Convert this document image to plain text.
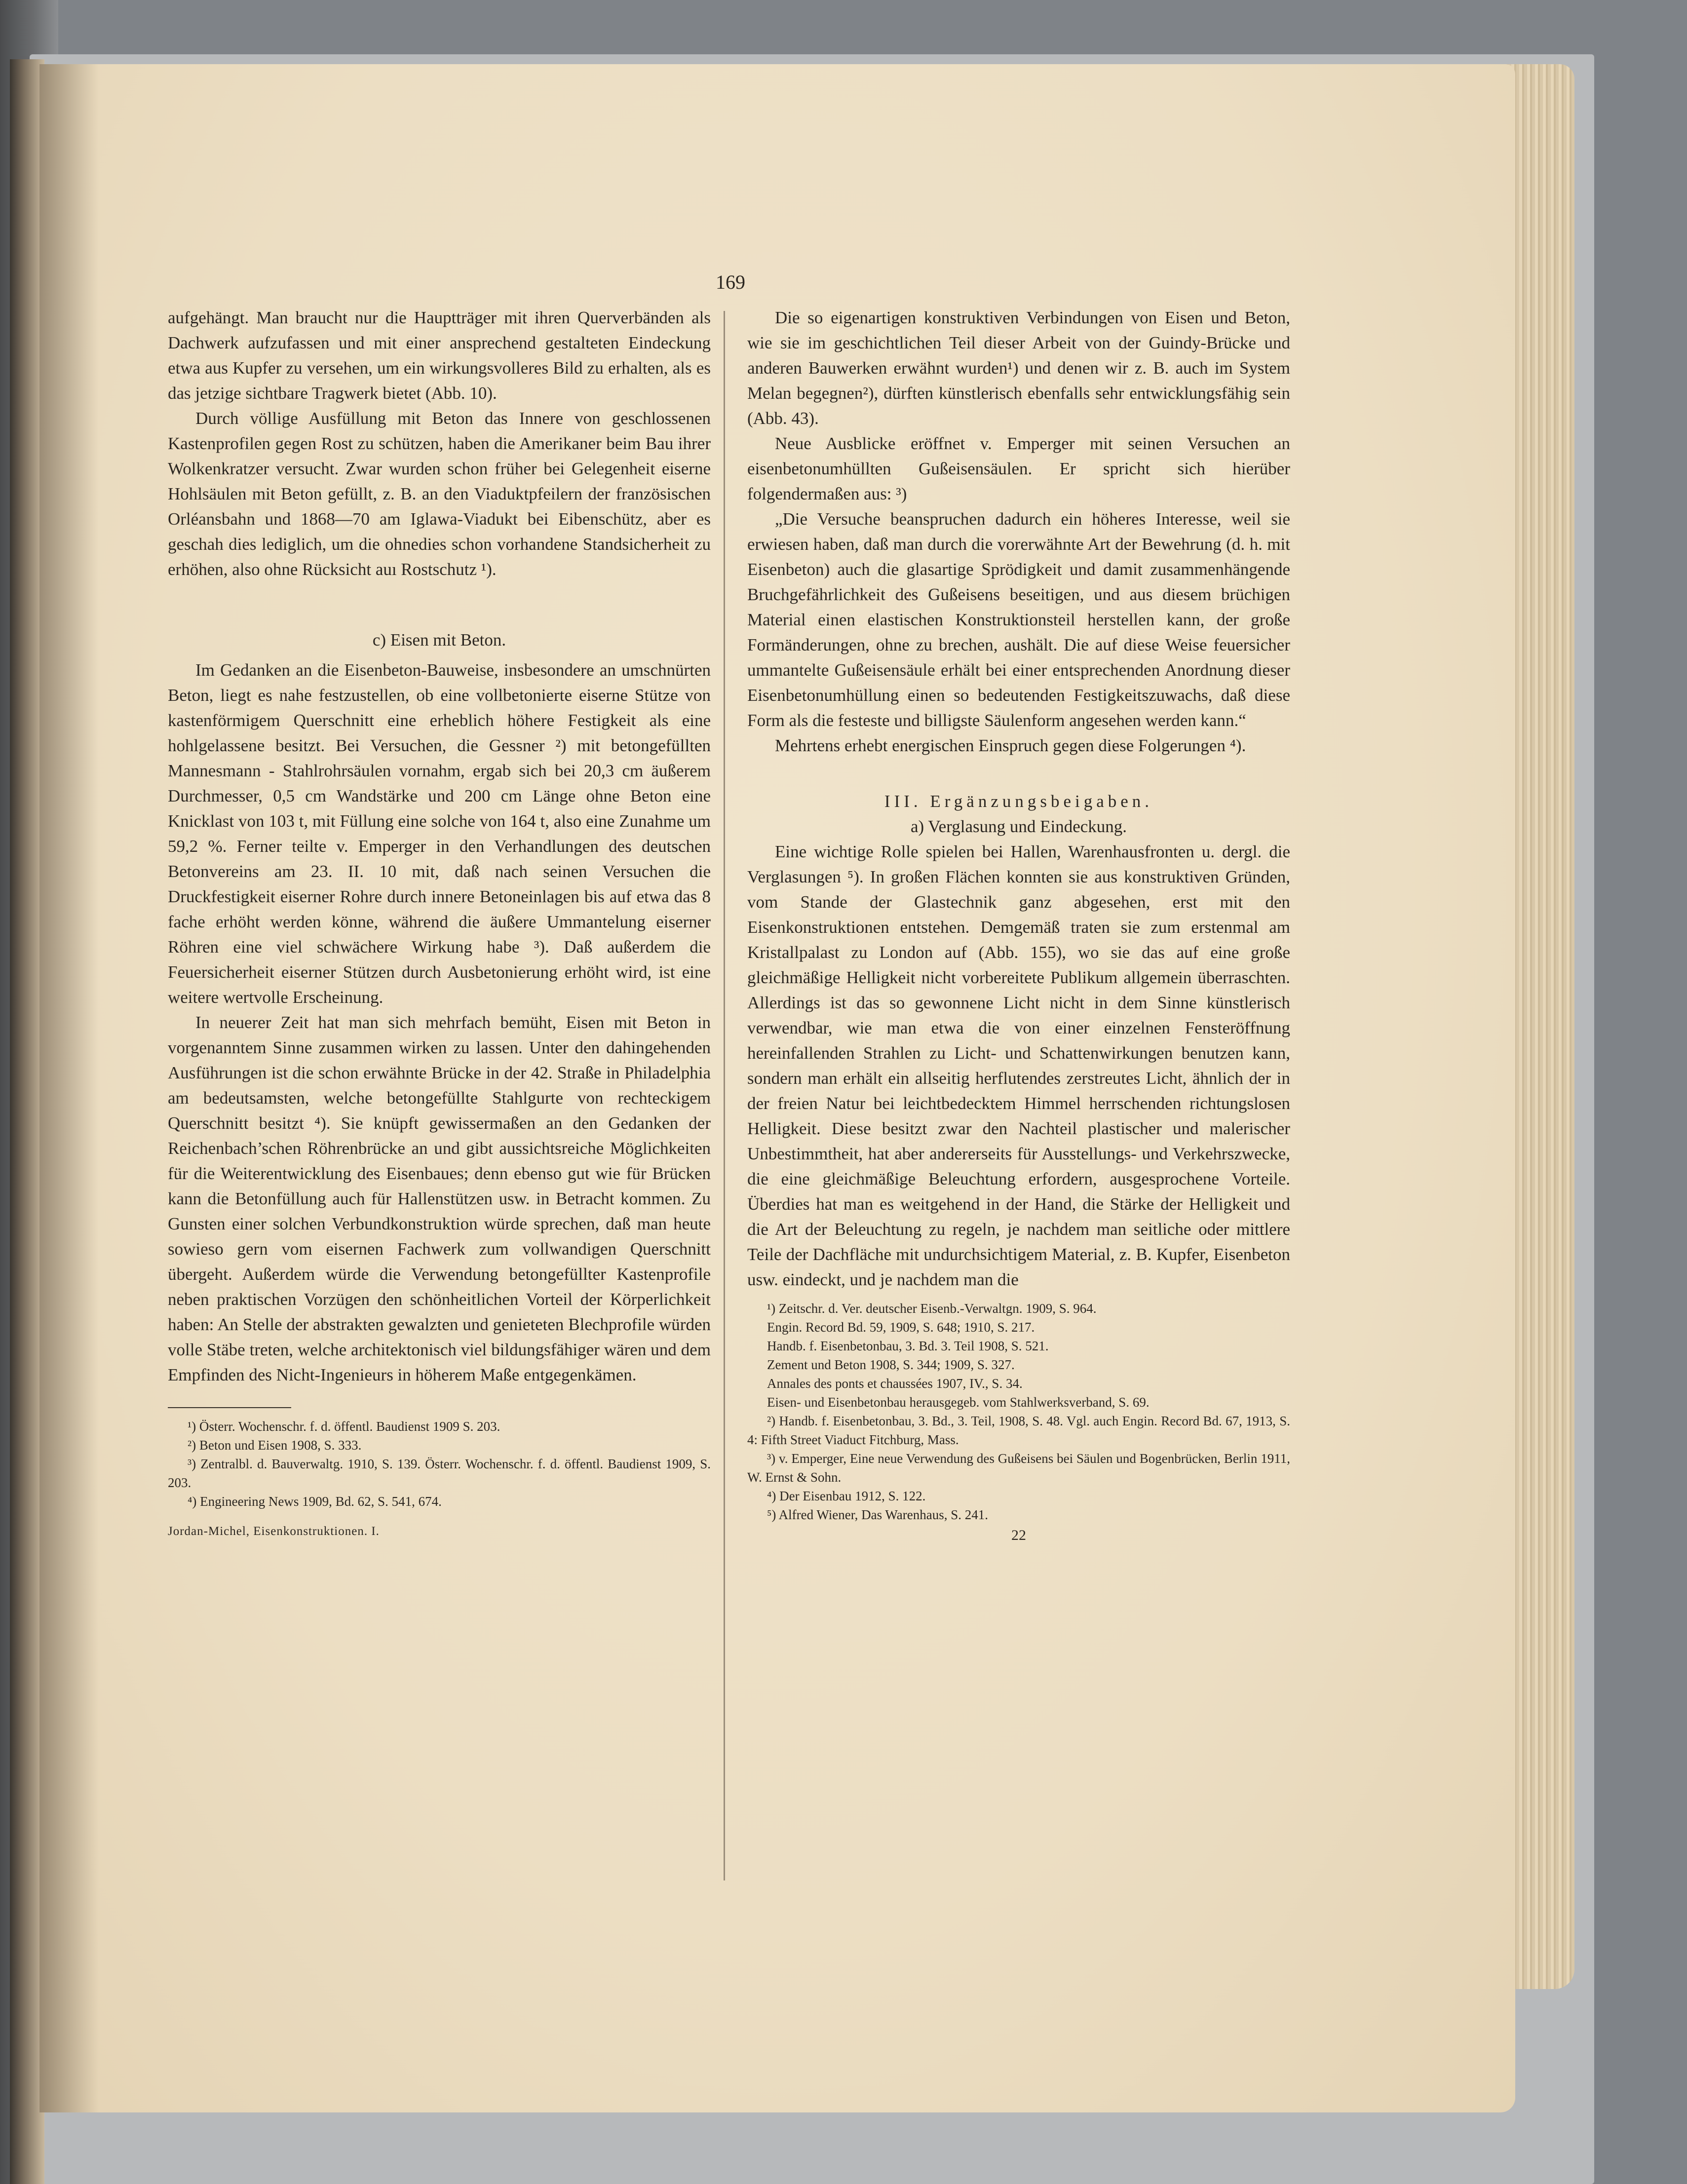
169

aufgehängt. Man braucht nur die Hauptträger mit ihren Querverbänden als Dachwerk aufzufassen und mit einer ansprechend gestalteten Eindeckung etwa aus Kupfer zu versehen, um ein wirkungsvolleres Bild zu erhalten, als es das jetzige sichtbare Tragwerk bietet (Abb. 10).

Durch völlige Ausfüllung mit Beton das Innere von geschlossenen Kastenprofilen gegen Rost zu schützen, haben die Amerikaner beim Bau ihrer Wolkenkratzer versucht. Zwar wurden schon früher bei Gelegenheit eiserne Hohlsäulen mit Beton gefüllt, z. B. an den Viaduktpfeilern der französischen Orléansbahn und 1868—70 am Iglawa-Viadukt bei Eibenschütz, aber es geschah dies lediglich, um die ohnedies schon vorhandene Standsicherheit zu erhöhen, also ohne Rücksicht auı Rostschutz ¹).

c) Eisen mit Beton.

Im Gedanken an die Eisenbeton-Bauweise, insbesondere an umschnürten Beton, liegt es nahe festzustellen, ob eine vollbetonierte eiserne Stütze von kastenförmigem Querschnitt eine erheblich höhere Festigkeit als eine hohlgelassene besitzt. Bei Versuchen, die Gessner ²) mit betongefüllten Mannesmann - Stahlrohrsäulen vornahm, ergab sich bei 20,3 cm äußerem Durchmesser, 0,5 cm Wandstärke und 200 cm Länge ohne Beton eine Knicklast von 103 t, mit Füllung eine solche von 164 t, also eine Zunahme um 59,2 %. Ferner teilte v. Emperger in den Verhandlungen des deutschen Betonvereins am 23. II. 10 mit, daß nach seinen Versuchen die Druckfestigkeit eiserner Rohre durch innere Betoneinlagen bis auf etwa das 8 fache erhöht werden könne, während die äußere Ummantelung eiserner Röhren eine viel schwächere Wirkung habe ³). Daß außerdem die Feuersicherheit eiserner Stützen durch Ausbetonierung erhöht wird, ist eine weitere wertvolle Erscheinung.

In neuerer Zeit hat man sich mehrfach bemüht, Eisen mit Beton in vorgenanntem Sinne zusammen wirken zu lassen. Unter den dahingehenden Ausführungen ist die schon erwähnte Brücke in der 42. Straße in Philadelphia am bedeutsamsten, welche betongefüllte Stahlgurte von rechteckigem Querschnitt besitzt ⁴). Sie knüpft gewissermaßen an den Gedanken der Reichenbach’schen Röhrenbrücke an und gibt aussichtsreiche Möglichkeiten für die Weiterentwicklung des Eisenbaues; denn ebenso gut wie für Brücken kann die Betonfüllung auch für Hallenstützen usw. in Betracht kommen. Zu Gunsten einer solchen Verbundkonstruktion würde sprechen, daß man heute sowieso gern vom eisernen Fachwerk zum vollwandigen Querschnitt übergeht. Außerdem würde die Verwendung betongefüllter Kastenprofile neben praktischen Vorzügen den schönheitlichen Vorteil der Körperlichkeit haben: An Stelle der abstrakten gewalzten und genieteten Blechprofile würden volle Stäbe treten, welche architektonisch viel bildungsfähiger wären und dem Empfinden des Nicht-Ingenieurs in höherem Maße entgegenkämen.

¹) Österr. Wochenschr. f. d. öffentl. Baudienst 1909 S. 203.

²) Beton und Eisen 1908, S. 333.

³) Zentralbl. d. Bauverwaltg. 1910, S. 139. Österr. Wochenschr. f. d. öffentl. Baudienst 1909, S. 203.

⁴) Engineering News 1909, Bd. 62, S. 541, 674.

Jordan-Michel, Eisenkonstruktionen. I.

Die so eigenartigen konstruktiven Verbindungen von Eisen und Beton, wie sie im geschichtlichen Teil dieser Arbeit von der Guindy-Brücke und anderen Bauwerken erwähnt wurden¹) und denen wir z. B. auch im System Melan begegnen²), dürften künstlerisch ebenfalls sehr entwicklungsfähig sein (Abb. 43).

Neue Ausblicke eröffnet v. Emperger mit seinen Versuchen an eisenbetonumhüllten Gußeisensäulen. Er spricht sich hierüber folgendermaßen aus: ³)

„Die Versuche beanspruchen dadurch ein höheres Interesse, weil sie erwiesen haben, daß man durch die vorerwähnte Art der Bewehrung (d. h. mit Eisenbeton) auch die glasartige Sprödigkeit und damit zusammenhängende Bruchgefährlichkeit des Gußeisens beseitigen, und aus diesem brüchigen Material einen elastischen Konstruktionsteil herstellen kann, der große Formänderungen, ohne zu brechen, aushält. Die auf diese Weise feuersicher ummantelte Gußeisensäule erhält bei einer entsprechenden Anordnung dieser Eisenbetonumhüllung einen so bedeutenden Festigkeitszuwachs, daß diese Form als die festeste und billigste Säulenform angesehen werden kann.“

Mehrtens erhebt energischen Einspruch gegen diese Folgerungen ⁴).

III. Ergänzungsbeigaben.

a) Verglasung und Eindeckung.

Eine wichtige Rolle spielen bei Hallen, Warenhausfronten u. dergl. die Verglasungen ⁵). In großen Flächen konnten sie aus konstruktiven Gründen, vom Stande der Glastechnik ganz abgesehen, erst mit den Eisenkonstruktionen entstehen. Demgemäß traten sie zum erstenmal am Kristallpalast zu London auf (Abb. 155), wo sie das auf eine große gleichmäßige Helligkeit nicht vorbereitete Publikum allgemein überraschten. Allerdings ist das so gewonnene Licht nicht in dem Sinne künstlerisch verwendbar, wie man etwa die von einer einzelnen Fensteröffnung hereinfallenden Strahlen zu Licht- und Schattenwirkungen benutzen kann, sondern man erhält ein allseitig herflutendes zerstreutes Licht, ähnlich der in der freien Natur bei leichtbedecktem Himmel herrschenden richtungslosen Helligkeit. Diese besitzt zwar den Nachteil plastischer und malerischer Unbestimmtheit, hat aber andererseits für Ausstellungs- und Verkehrszwecke, die eine gleichmäßige Beleuchtung erfordern, ausgesprochene Vorteile. Überdies hat man es weitgehend in der Hand, die Stärke der Helligkeit und die Art der Beleuchtung zu regeln, je nachdem man seitliche oder mittlere Teile der Dachfläche mit undurchsichtigem Material, z. B. Kupfer, Eisenbeton usw. eindeckt, und je nachdem man die

¹) Zeitschr. d. Ver. deutscher Eisenb.-Verwaltgn. 1909, S. 964.

Engin. Record Bd. 59, 1909, S. 648; 1910, S. 217.

Handb. f. Eisenbetonbau, 3. Bd. 3. Teil 1908, S. 521.

Zement und Beton 1908, S. 344; 1909, S. 327.

Annales des ponts et chaussées 1907, IV., S. 34.

Eisen- und Eisenbetonbau herausgegeb. vom Stahlwerksverband, S. 69.

²) Handb. f. Eisenbetonbau, 3. Bd., 3. Teil, 1908, S. 48. Vgl. auch Engin. Record Bd. 67, 1913, S. 4: Fifth Street Viaduct Fitchburg, Mass.

³) v. Emperger, Eine neue Verwendung des Gußeisens bei Säulen und Bogenbrücken, Berlin 1911, W. Ernst & Sohn.

⁴) Der Eisenbau 1912, S. 122.

⁵) Alfred Wiener, Das Warenhaus, S. 241.

22
